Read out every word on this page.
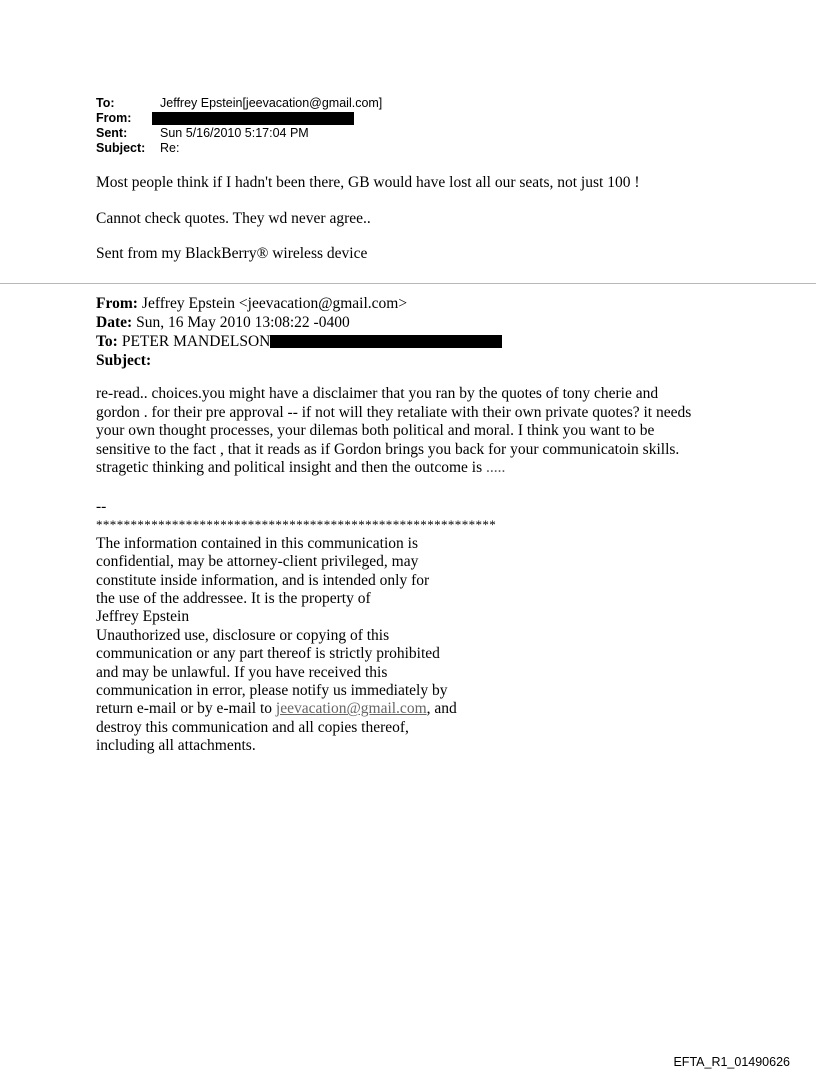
To:	Jeffrey Epstein[jeevacation@gmail.com]
From:
Sent:	Sun 5/16/2010 5:17:04 PM
Subject:	Re:
Most people think if I hadn't been there, GB would have lost all our seats, not just 100 !
Cannot check quotes. They wd never agree..
Sent from my BlackBerry® wireless device
From: Jeffrey Epstein <jeevacation@gmail.com>
Date: Sun, 16 May 2010 13:08:22 -0400
To: PETER MANDELSON
Subject:
re-read.. choices.you might have a disclaimer that you ran by the quotes of tony cherie and
gordon . for their pre approval -- if not will they retaliate with their own private quotes? it needs
your own thought processes, your dilemas both political and moral. I think you want to be
sensitive to the fact , that it reads as if Gordon brings you back for your communicatoin skills.
stragetic thinking and political insight and then the outcome is .....
--
**********************************************************
The information contained in this communication is
confidential, may be attorney-client privileged, may
constitute inside information, and is intended only for
the use of the addressee. It is the property of
Jeffrey Epstein
Unauthorized use, disclosure or copying of this
communication or any part thereof is strictly prohibited
and may be unlawful. If you have received this
communication in error, please notify us immediately by
return e-mail or by e-mail to jeevacation@gmail.com, and
destroy this communication and all copies thereof,
including all attachments.
EFTA_R1_01490626
